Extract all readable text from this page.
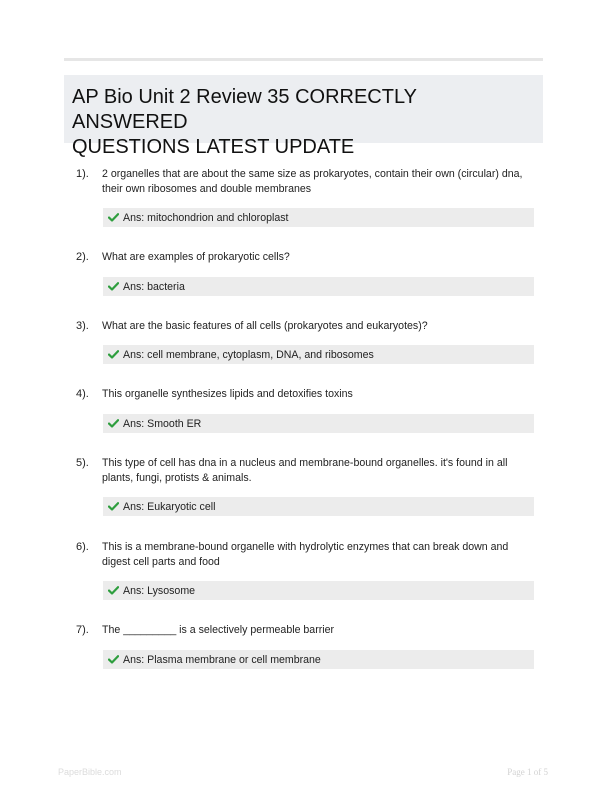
AP Bio Unit 2 Review 35 CORRECTLY ANSWERED
QUESTIONS LATEST UPDATE
1). 2 organelles that are about the same size as prokaryotes, contain their own (circular) dna,
their own ribosomes and double membranes
Ans: mitochondrion and chloroplast
2). What are examples of prokaryotic cells?
Ans: bacteria
3). What are the basic features of all cells (prokaryotes and eukaryotes)?
Ans: cell membrane, cytoplasm, DNA, and ribosomes
4). This organelle synthesizes lipids and detoxifies toxins
Ans: Smooth ER
5). This type of cell has dna in a nucleus and membrane-bound organelles. it's found in all
plants, fungi, protists & animals.
Ans: Eukaryotic cell
6). This is a membrane-bound organelle with hydrolytic enzymes that can break down and
digest cell parts and food
Ans: Lysosome
7). The _________ is a selectively permeable barrier
Ans: Plasma membrane or cell membrane
PaperBible.com	Page 1 of 5
